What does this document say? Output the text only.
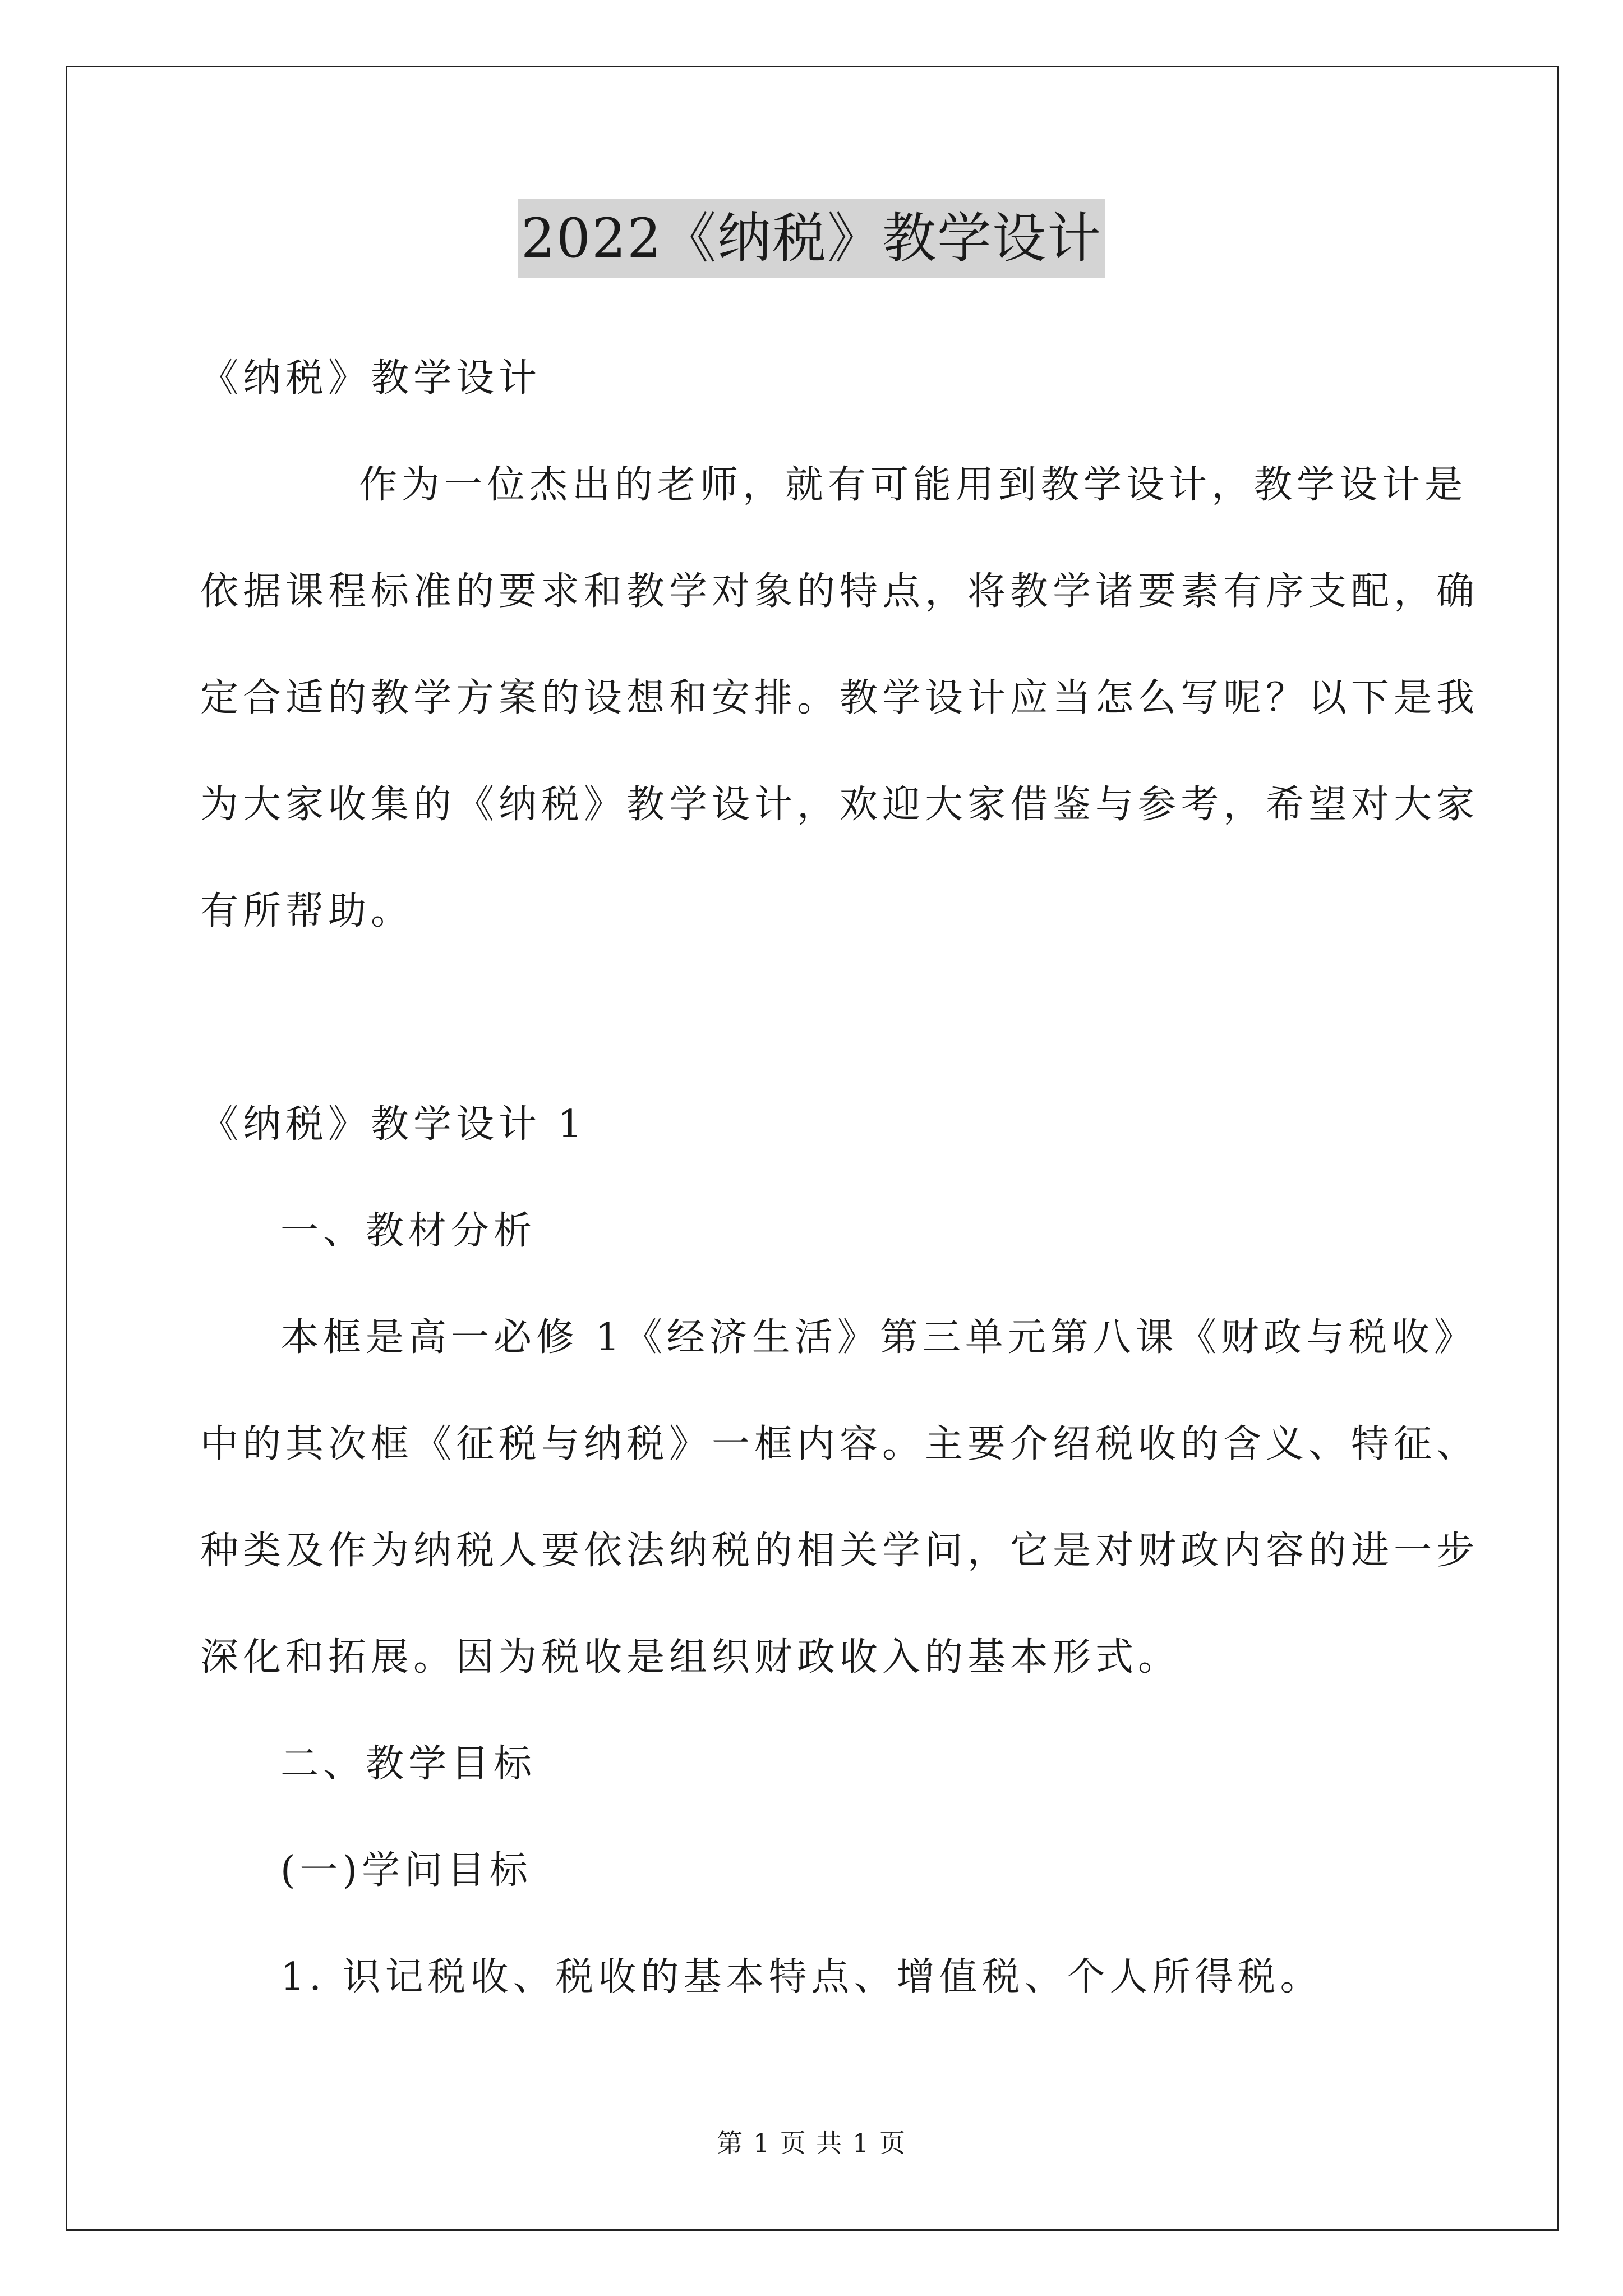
2022《纳税》教学设计
《纳税》教学设计
作为一位杰出的老师，就有可能用到教学设计，教学设计是
依据课程标准的要求和教学对象的特点，将教学诸要素有序支配，确
定合适的教学方案的设想和安排。教学设计应当怎么写呢？以下是我
为大家收集的《纳税》教学设计，欢迎大家借鉴与参考，希望对大家
有所帮助。
《纳税》教学设计 1
一、教材分析
本框是高一必修 1《经济生活》第三单元第八课《财政与税收》
中的其次框《征税与纳税》一框内容。主要介绍税收的含义、特征、
种类及作为纳税人要依法纳税的相关学问，它是对财政内容的进一步
深化和拓展。因为税收是组织财政收入的基本形式。
二、教学目标
(一)学问目标
1. 识记税收、税收的基本特点、增值税、个人所得税。
第 1 页 共 1 页
